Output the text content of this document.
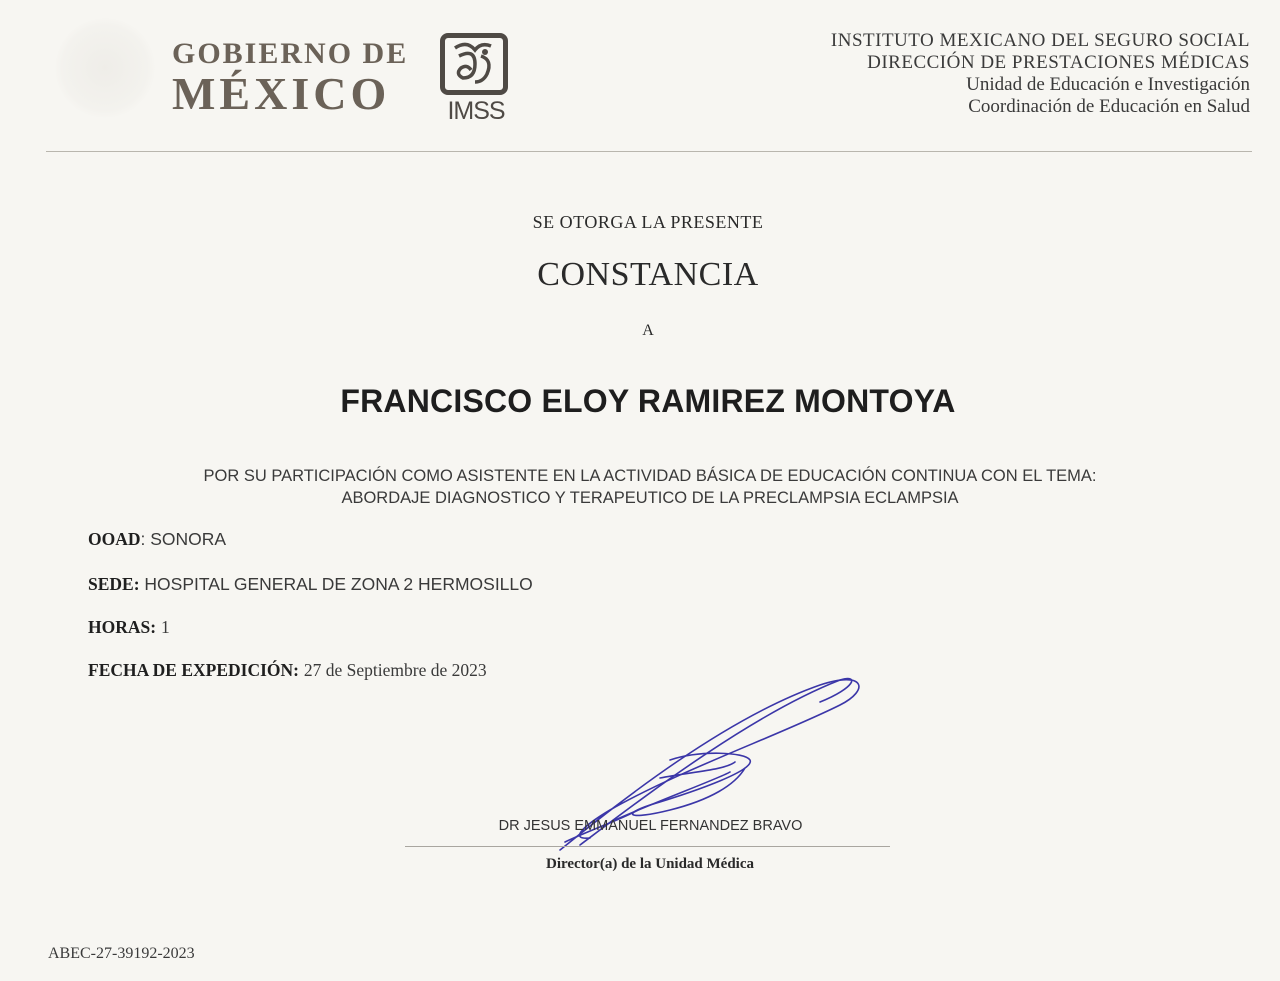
GOBIERNO DE
MÉXICO	IMSS
INSTITUTO MEXICANO DEL SEGURO SOCIAL
DIRECCIÓN DE PRESTACIONES MÉDICAS
Unidad de Educación e Investigación
Coordinación de Educación en Salud
SE OTORGA LA PRESENTE
CONSTANCIA
A
FRANCISCO ELOY RAMIREZ MONTOYA
POR SU PARTICIPACIÓN COMO ASISTENTE EN LA ACTIVIDAD BÁSICA DE EDUCACIÓN CONTINUA CON EL TEMA:
ABORDAJE DIAGNOSTICO Y TERAPEUTICO DE LA PRECLAMPSIA ECLAMPSIA
OOAD: SONORA
SEDE: HOSPITAL GENERAL DE ZONA 2 HERMOSILLO
HORAS: 1
FECHA DE EXPEDICIÓN: 27 de Septiembre de 2023
DR JESUS EMMANUEL FERNANDEZ BRAVO
Director(a) de la Unidad Médica
ABEC-27-39192-2023
